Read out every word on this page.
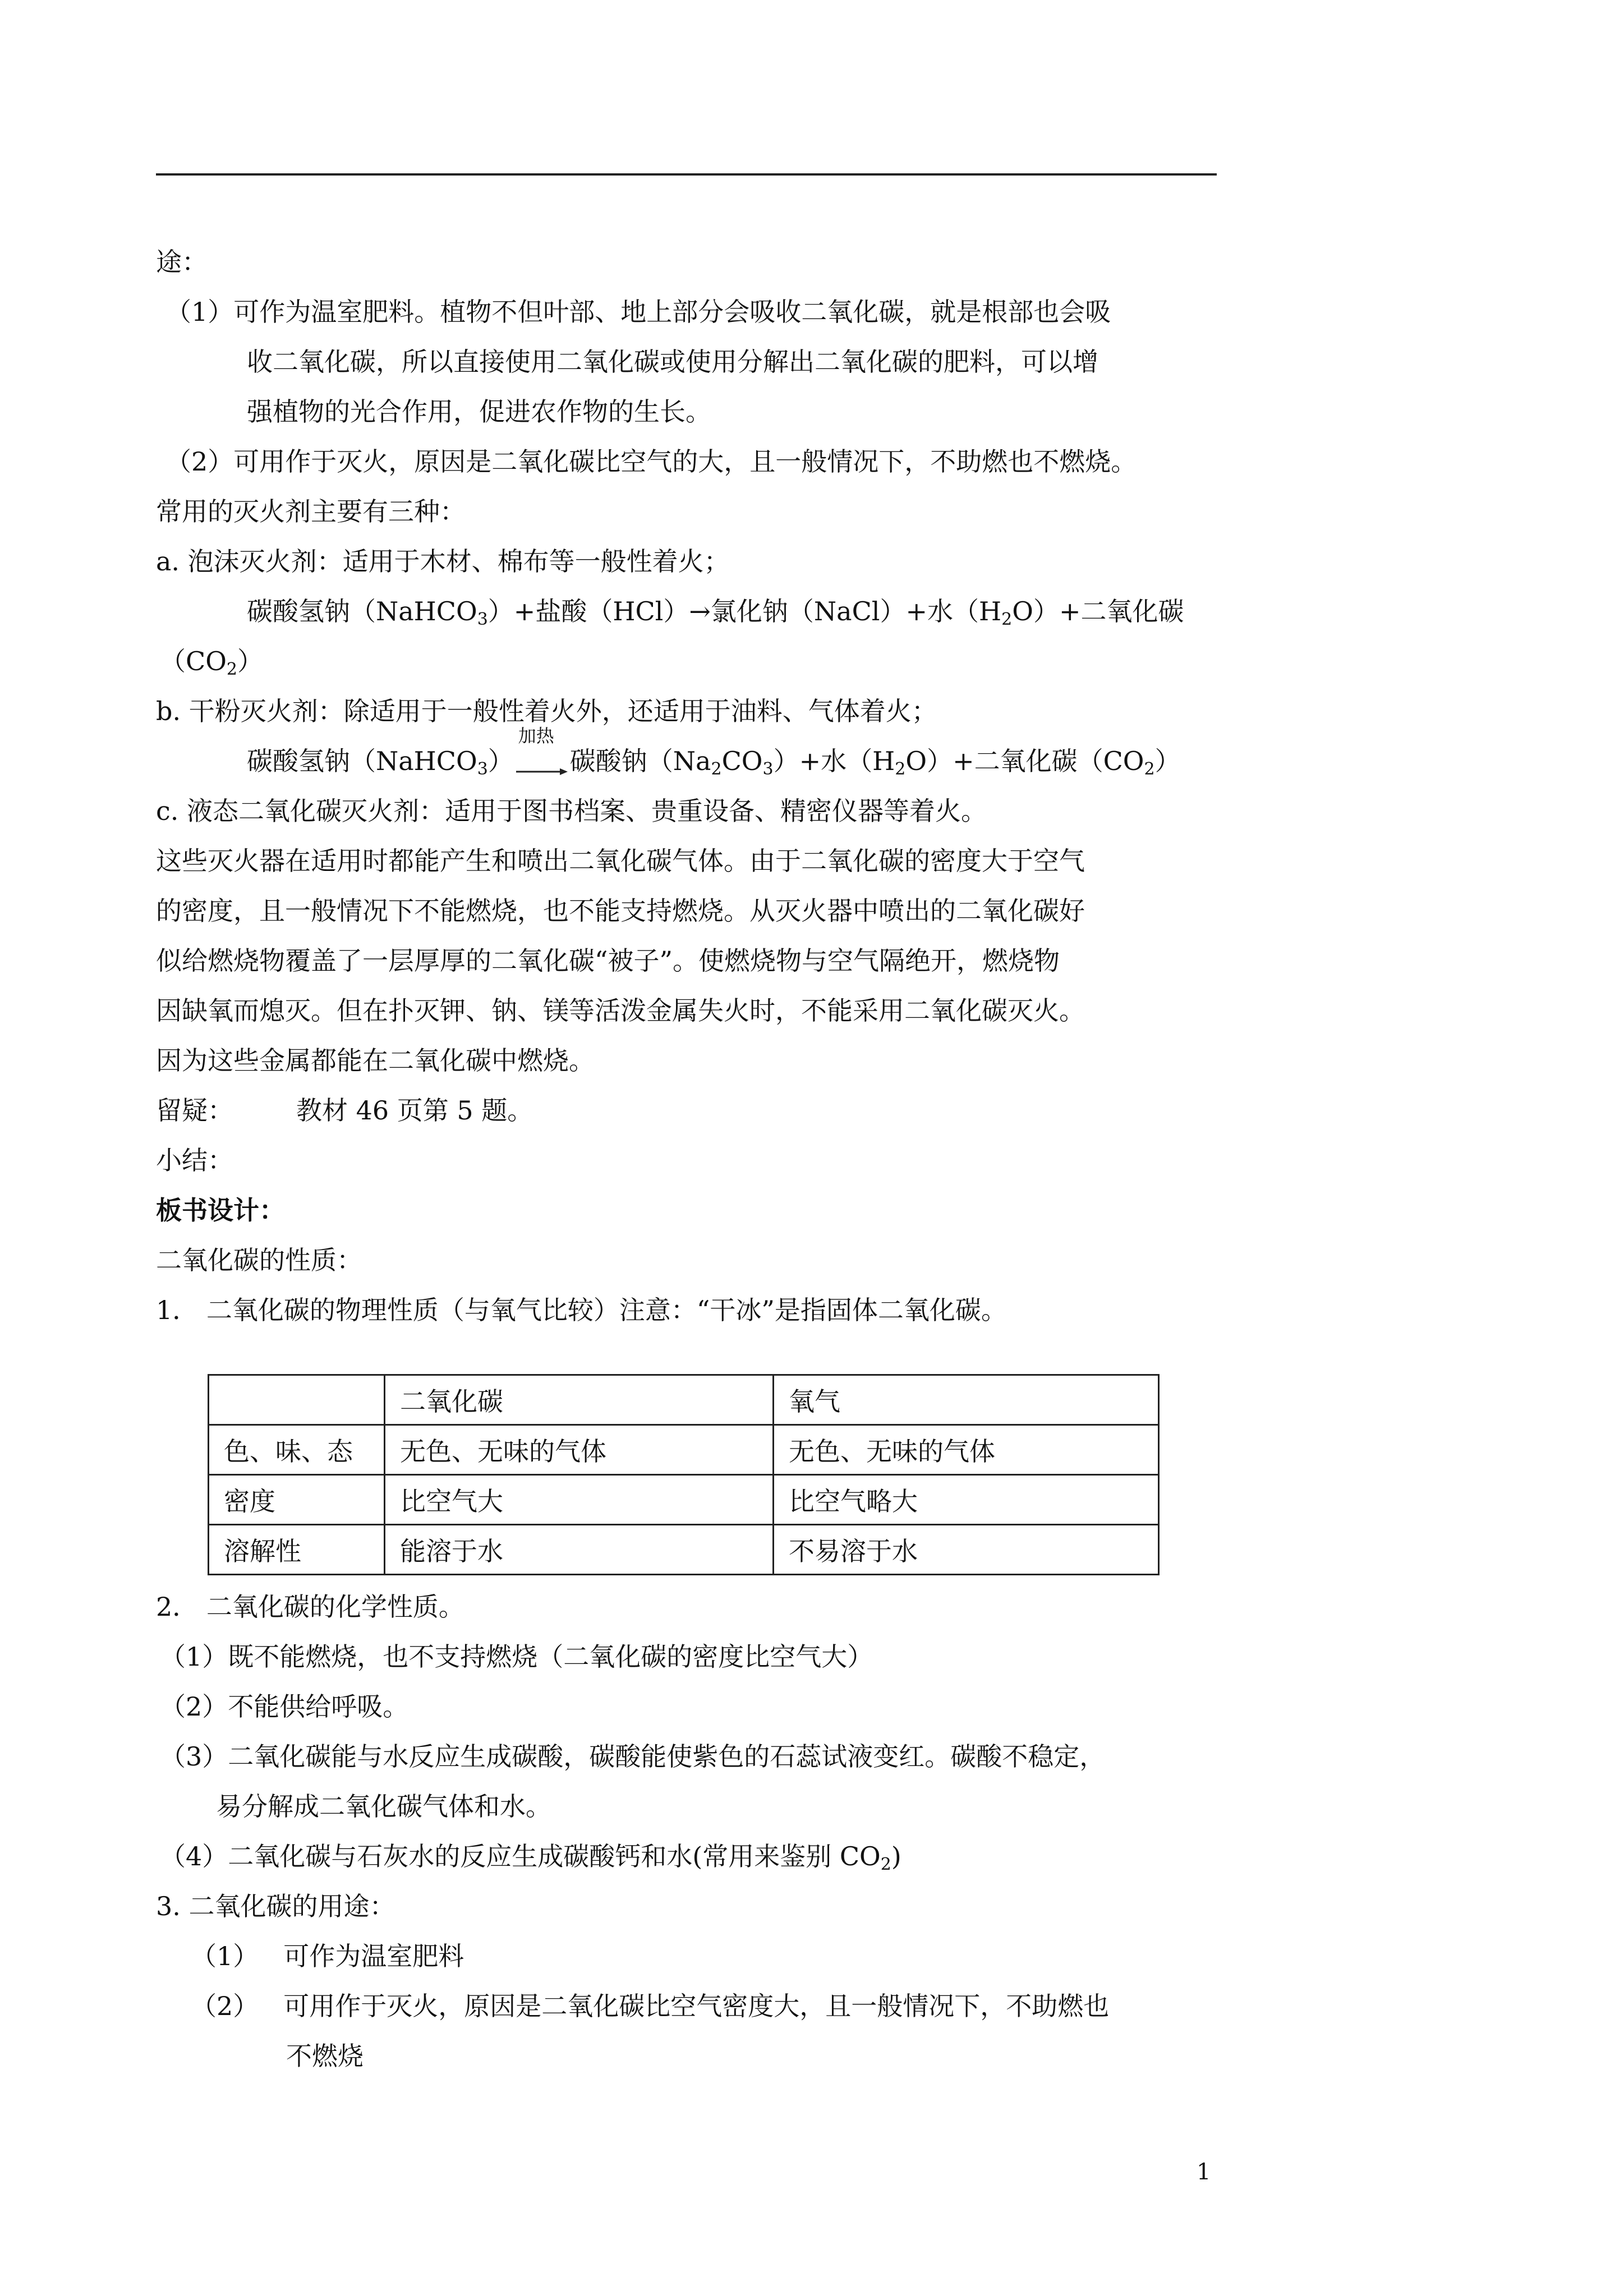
途：
（1）可作为温室肥料。植物不但叶部、地上部分会吸收二氧化碳，就是根部也会吸
收二氧化碳，所以直接使用二氧化碳或使用分解出二氧化碳的肥料，可以增
强植物的光合作用，促进农作物的生长。
（2）可用作于灭火，原因是二氧化碳比空气的大，且一般情况下，不助燃也不燃烧。
常用的灭火剂主要有三种：
a. 泡沫灭火剂：适用于木材、棉布等一般性着火；
碳酸氢钠（NaHCO$_3$）+盐酸（HCl）→氯化钠（NaCl）+水$(H_2O)+$二氧化碳
$(CO_2)$
b. 干粉灭火剂：除适用于一般性着火外，还适用于油料、气体着火；
碳酸氢钠（NaHCO$_3$）
加热
碳酸钠$(Na_2CO_3)+$水$(H_2O)+$二氧化碳$(CO_2)$
c. 液态二氧化碳灭火剂：适用于图书档案、贵重设备、精密仪器等着火。
这些灭火器在适用时都能产生和喷出二氧化碳气体。由于二氧化碳的密度大于空气
的密度，且一般情况下不能燃烧，也不能支持燃烧。从灭火器中喷出的二氧化碳好
似给燃烧物覆盖了一层厚厚的二氧化碳“被子”。使燃烧物与空气隔绝开，燃烧物
因缺氧而熄灭。但在扑灭钾、钠、镁等活泼金属失火时，不能采用二氧化碳灭火。
因为这些金属都能在二氧化碳中燃烧。
留疑： 教材 46 页第 5 题。
小结：
板书设计：
二氧化碳的性质：
1． 二氧化碳的物理性质（与氧气比较）注意：“干冰”是指固体二氧化碳。
	二氧化碳	氧气
色、味、态	无色、无味的气体	无色、无味的气体
密度	比空气大	比空气略大
溶解性	能溶于水	不易溶于水
2． 二氧化碳的化学性质。
（1）既不能燃烧，也不支持燃烧（二氧化碳的密度比空气大）
（2）不能供给呼吸。
（3）二氧化碳能与水反应生成碳酸，碳酸能使紫色的石蕊试液变红。碳酸不稳定，
易分解成二氧化碳气体和水。
（4）二氧化碳与石灰水的反应生成碳酸钙和水(常用来鉴别 $CO_2$)
3. 二氧化碳的用途：
（1） 可作为温室肥料
（2） 可用作于灭火，原因是二氧化碳比空气密度大，且一般情况下，不助燃也
不燃烧
1
